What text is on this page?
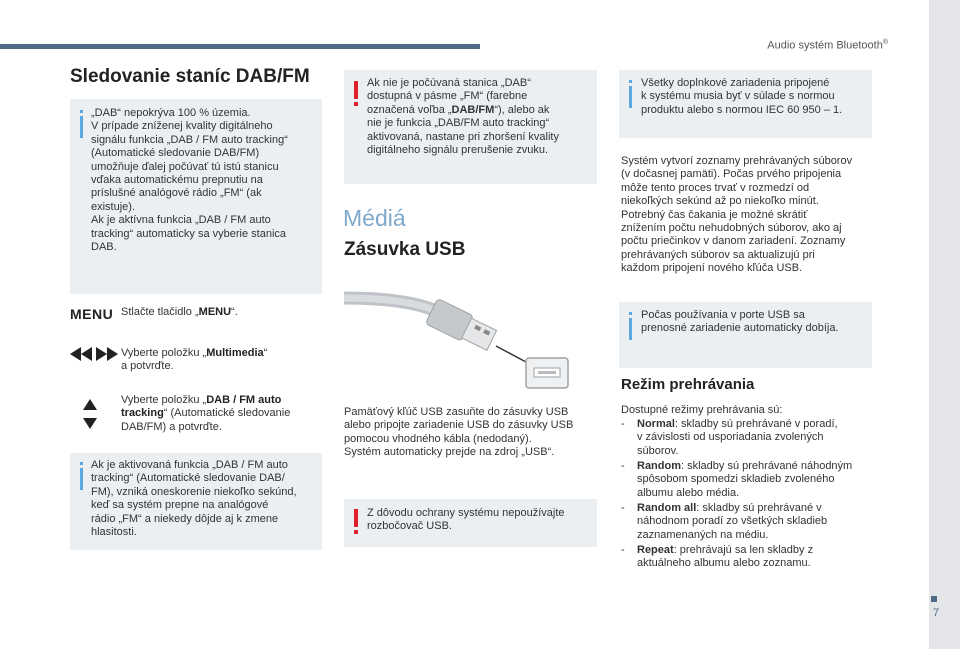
Audio systém Bluetooth®
7
Sledovanie staníc DAB/FM
„DAB“ nepokrýva 100 % územia.
V prípade zníženej kvality digitálneho
signálu funkcia „DAB / FM auto tracking“
(Automatické sledovanie DAB/FM)
umožňuje ďalej počúvať tú istú stanicu
vďaka automatickému prepnutiu na
príslušné analógové rádio „FM“ (ak
existuje).
Ak je aktívna funkcia „DAB / FM auto
tracking“ automaticky sa vyberie stanica
DAB.
MENU Stlačte tlačidlo „MENU“.
Vyberte položku „Multimedia“
a potvrďte.
Vyberte položku „DAB / FM auto
tracking“ (Automatické sledovanie
DAB/FM) a potvrďte.
Ak je aktivovaná funkcia „DAB / FM auto
tracking“ (Automatické sledovanie DAB/
FM), vzniká oneskorenie niekoľko sekúnd,
keď sa systém prepne na analógové
rádio „FM“ a niekedy dôjde aj k zmene
hlasitosti.
Ak nie je počúvaná stanica „DAB“
dostupná v pásme „FM“ (farebne
označená voľba „DAB/FM“), alebo ak
nie je funkcia „DAB/FM auto tracking“
aktivovaná, nastane pri zhoršení kvality
digitálneho signálu prerušenie zvuku.
Médiá
Zásuvka USB
Pamäťový kľúč USB zasuňte do zásuvky USB
alebo pripojte zariadenie USB do zásuvky USB
pomocou vhodného kábla (nedodaný).
Systém automaticky prejde na zdroj „USB“.
Z dôvodu ochrany systému nepoužívajte
rozbočovač USB.
Všetky doplnkové zariadenia pripojené
k systému musia byť v súlade s normou
produktu alebo s normou IEC 60 950 – 1.
Systém vytvorí zoznamy prehrávaných súborov
(v dočasnej pamäti). Počas prvého pripojenia
môže tento proces trvať v rozmedzí od
niekoľkých sekúnd až po niekoľko minút.
Potrebný čas čakania je možné skrátiť
znížením počtu nehudobných súborov, ako aj
počtu priečinkov v danom zariadení. Zoznamy
prehrávaných súborov sa aktualizujú pri
každom pripojení nového kľúča USB.
Počas používania v porte USB sa
prenosné zariadenie automaticky dobíja.
Režim prehrávania
Dostupné režimy prehrávania sú:
-	Normal: skladby sú prehrávané v poradí,
v závislosti od usporiadania zvolených
súborov.
-	Random: skladby sú prehrávané náhodným
spôsobom spomedzi skladieb zvoleného
albumu alebo média.
-	Random all: skladby sú prehrávané v
náhodnom poradí zo všetkých skladieb
zaznamenaných na médiu.
-	Repeat: prehrávajú sa len skladby z
aktuálneho albumu alebo zoznamu.
